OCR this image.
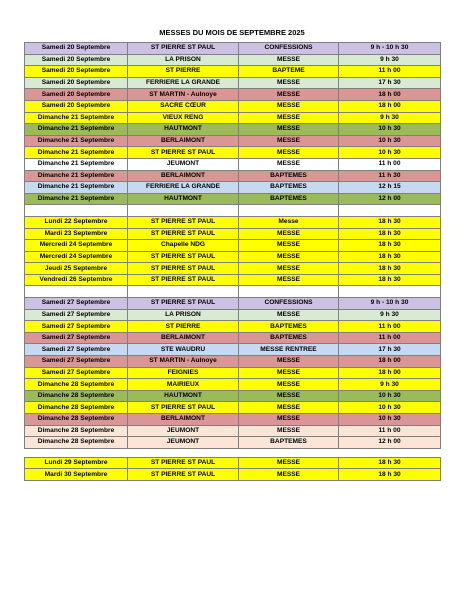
MESSES DU MOIS DE SEPTEMBRE 2025
Samedi 20 Septembre	ST PIERRE ST PAUL	CONFESSIONS	9 h - 10 h 30
Samedi 20 Septembre	LA PRISON	MESSE	9 h 30
Samedi 20 Septembre	ST PIERRE	BAPTEME	11 h 00
Samedi 20 Septembre	FERRIERE LA GRANDE	MESSE	17 h 30
Samedi 20 Septembre	ST MARTIN - Aulnoye	MESSE	18 h 00
Samedi 20 Septembre	SACRE CŒUR	MESSE	18 h 00
Dimanche 21 Septembre	VIEUX RENG	MESSE	9 h 30
Dimanche 21 Septembre	HAUTMONT	MESSE	10 h 30
Dimanche 21 Septembre	BERLAIMONT	MESSE	10 h 30
Dimanche 21 Septembre	ST PIERRE ST PAUL	MESSE	10 h 30
Dimanche 21 Septembre	JEUMONT	MESSE	11 h 00
Dimanche 21 Septembre	BERLAIMONT	BAPTEMES	11 h 30
Dimanche 21 Septembre	FERRIERE LA GRANDE	BAPTEMES	12 h 15
Dimanche 21 Septembre	HAUTMONT	BAPTEMES	12 h 00

Lundi 22 Septembre	ST PIERRE ST PAUL	Messe	18 h 30
Mardi 23 Septembre	ST PIERRE ST PAUL	MESSE	18 h 30
Mercredi 24 Septembre	Chapelle NDG	MESSE	18 h 30
Mercredi 24 Septembre	ST PIERRE ST PAUL	MESSE	18 h 30
Jeudi 25 Septembre	ST PIERRE ST PAUL	MESSE	18 h 30
Vendredi 26 Septembre	ST PIERRE ST PAUL	MESSE	18 h 30

Samedi 27 Septembre	ST PIERRE ST PAUL	CONFESSIONS	9 h - 10 h 30
Samedi 27 Septembre	LA PRISON	MESSE	9 h 30
Samedi 27 Septembre	ST PIERRE	BAPTEMES	11 h 00
Samedi 27 Septembre	BERLAIMONT	BAPTEMES	11 h 00
Samedi 27 Septembre	STE WAUDRU	MESSE RENTREE	17 h 30
Samedi 27 Septembre	ST MARTIN - Aulnoye	MESSE	18 h 00
Samedi 27 Septembre	FEIGNIES	MESSE	18 h 00
Dimanche 28 Septembre	MAIRIEUX	MESSE	9 h 30
Dimanche 28 Septembre	HAUTMONT	MESSE	10 h 30
Dimanche 28 Septembre	ST PIERRE ST PAUL	MESSE	10 h 30
Dimanche 28 Septembre	BERLAIMONT	MESSE	10 h 30
Dimanche 28 Septembre	JEUMONT	MESSE	11 h 00
Dimanche 28 Septembre	JEUMONT	BAPTEMES	12 h 00

Lundi 29 Septembre	ST PIERRE ST PAUL	MESSE	18 h 30
Mardi 30 Septembre	ST PIERRE ST PAUL	MESSE	18 h 30
